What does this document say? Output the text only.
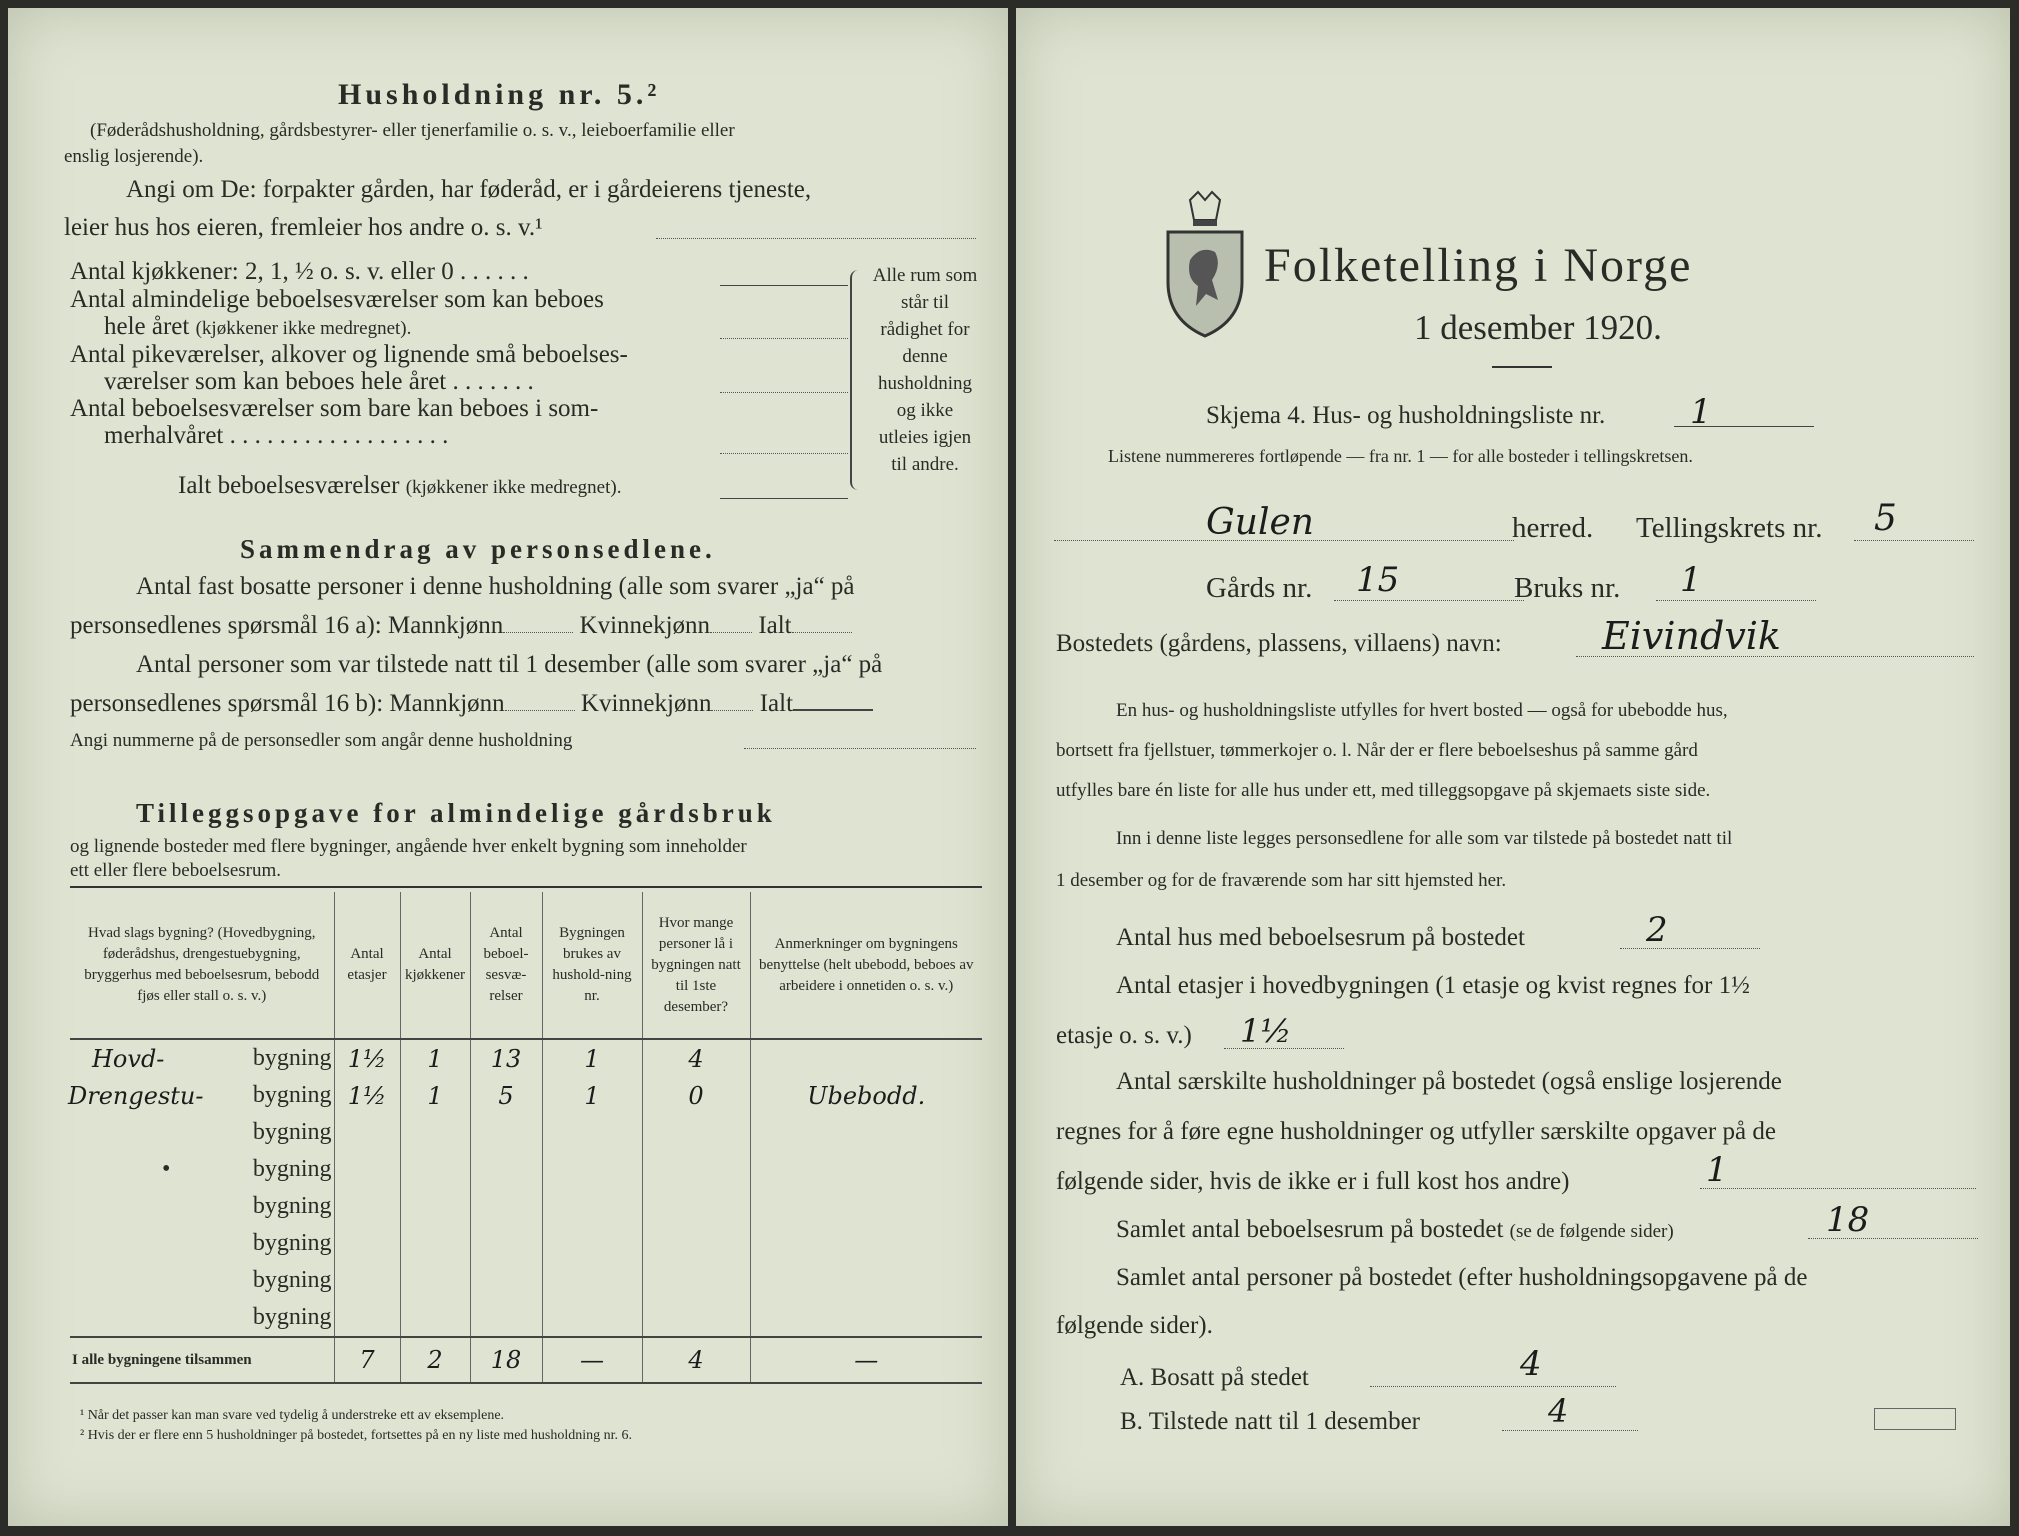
Husholdning nr. 5.²
(Føderådshusholdning, gårdsbestyrer- eller tjenerfamilie o. s. v., leieboerfamilie eller
enslig losjerende).
Angi om De: forpakter gården, har føderåd, er i gårdeierens tjeneste,
leier hus hos eieren, fremleier hos andre o. s. v.¹
Antal kjøkkener: 2, 1, ½ o. s. v. eller 0 . . . . . .
Antal almindelige beboelsesværelser som kan beboes
hele året (kjøkkener ikke medregnet).
Antal pikeværelser, alkover og lignende små beboelses-
værelser som kan beboes hele året . . . . . . .
Antal beboelsesværelser som bare kan beboes i som-
merhalvåret . . . . . . . . . . . . . . . . . .
Ialt beboelsesværelser (kjøkkener ikke medregnet).
Alle rum som står til rådighet for denne husholdning og ikke utleies igjen til andre.
Sammendrag av personsedlene.
Antal fast bosatte personer i denne husholdning (alle som svarer „ja“ på
personsedlenes spørsmål 16 a): Mannkjønn	Kvinnekjønn Ialt
Antal personer som var tilstede natt til 1 desember (alle som svarer „ja“ på
personsedlenes spørsmål 16 b): Mannkjønn	Kvinnekjønn Ialt
Angi nummerne på de personsedler som angår denne husholdning
Tilleggsopgave for almindelige gårdsbruk
og lignende bosteder med flere bygninger, angående hver enkelt bygning som inneholder
ett eller flere beboelsesrum.
Hvad slags bygning? (Hovedbygning, føderådshus, drengestuebygning, bryggerhus med beboelsesrum, bebodd fjøs eller stall o. s. v.)	Antal etasjer	Antal kjøkkener	Antal beboel-sesvæ-relser	Bygningen brukes av hushold-ning nr.	Hvor mange personer lå i bygningen natt til 1ste desember?	Anmerkninger om bygningens benyttelse (helt ubebodd, beboes av arbeidere i onnetiden o. s. v.)

Hovd- bygning	1½	1	13	1	4	

Drengestu- bygning	1½	1	5	1	0	Ubebodd.
bygning						

• bygning						
bygning						
bygning						
bygning						
bygning						
I alle bygningene tilsammen	7	2	18	—	4	—
¹ Når det passer kan man svare ved tydelig å understreke ett av eksemplene.
² Hvis der er flere enn 5 husholdninger på bostedet, fortsettes på en ny liste med husholdning nr. 6.
Folketelling i Norge
1 desember 1920.
Skjema 4. Hus- og husholdningsliste nr. 1
Listene nummereres fortløpende — fra nr. 1 — for alle bosteder i tellingskretsen.
Gulen	herred. Tellingskrets nr. 5
Gårds nr. 15	Bruks nr. 1
Bostedets (gårdens, plassens, villaens) navn:	Eivindvik
En hus- og husholdningsliste utfylles for hvert bosted — også for ubebodde hus,
bortsett fra fjellstuer, tømmerkojer o. l. Når der er flere beboelseshus på samme gård
utfylles bare én liste for alle hus under ett, med tilleggsopgave på skjemaets siste side.
Inn i denne liste legges personsedlene for alle som var tilstede på bostedet natt til
1 desember og for de fraværende som har sitt hjemsted her.
Antal hus med beboelsesrum på bostedet	2
Antal etasjer i hovedbygningen (1 etasje og kvist regnes for 1½
etasje o. s. v.) 1½
Antal særskilte husholdninger på bostedet (også enslige losjerende
regnes for å føre egne husholdninger og utfyller særskilte opgaver på de
følgende sider, hvis de ikke er i full kost hos andre)	1
Samlet antal beboelsesrum på bostedet (se de følgende sider)	18
Samlet antal personer på bostedet (efter husholdningsopgavene på de
følgende sider).
A. Bosatt på stedet	4
B. Tilstede natt til 1 desember	4
